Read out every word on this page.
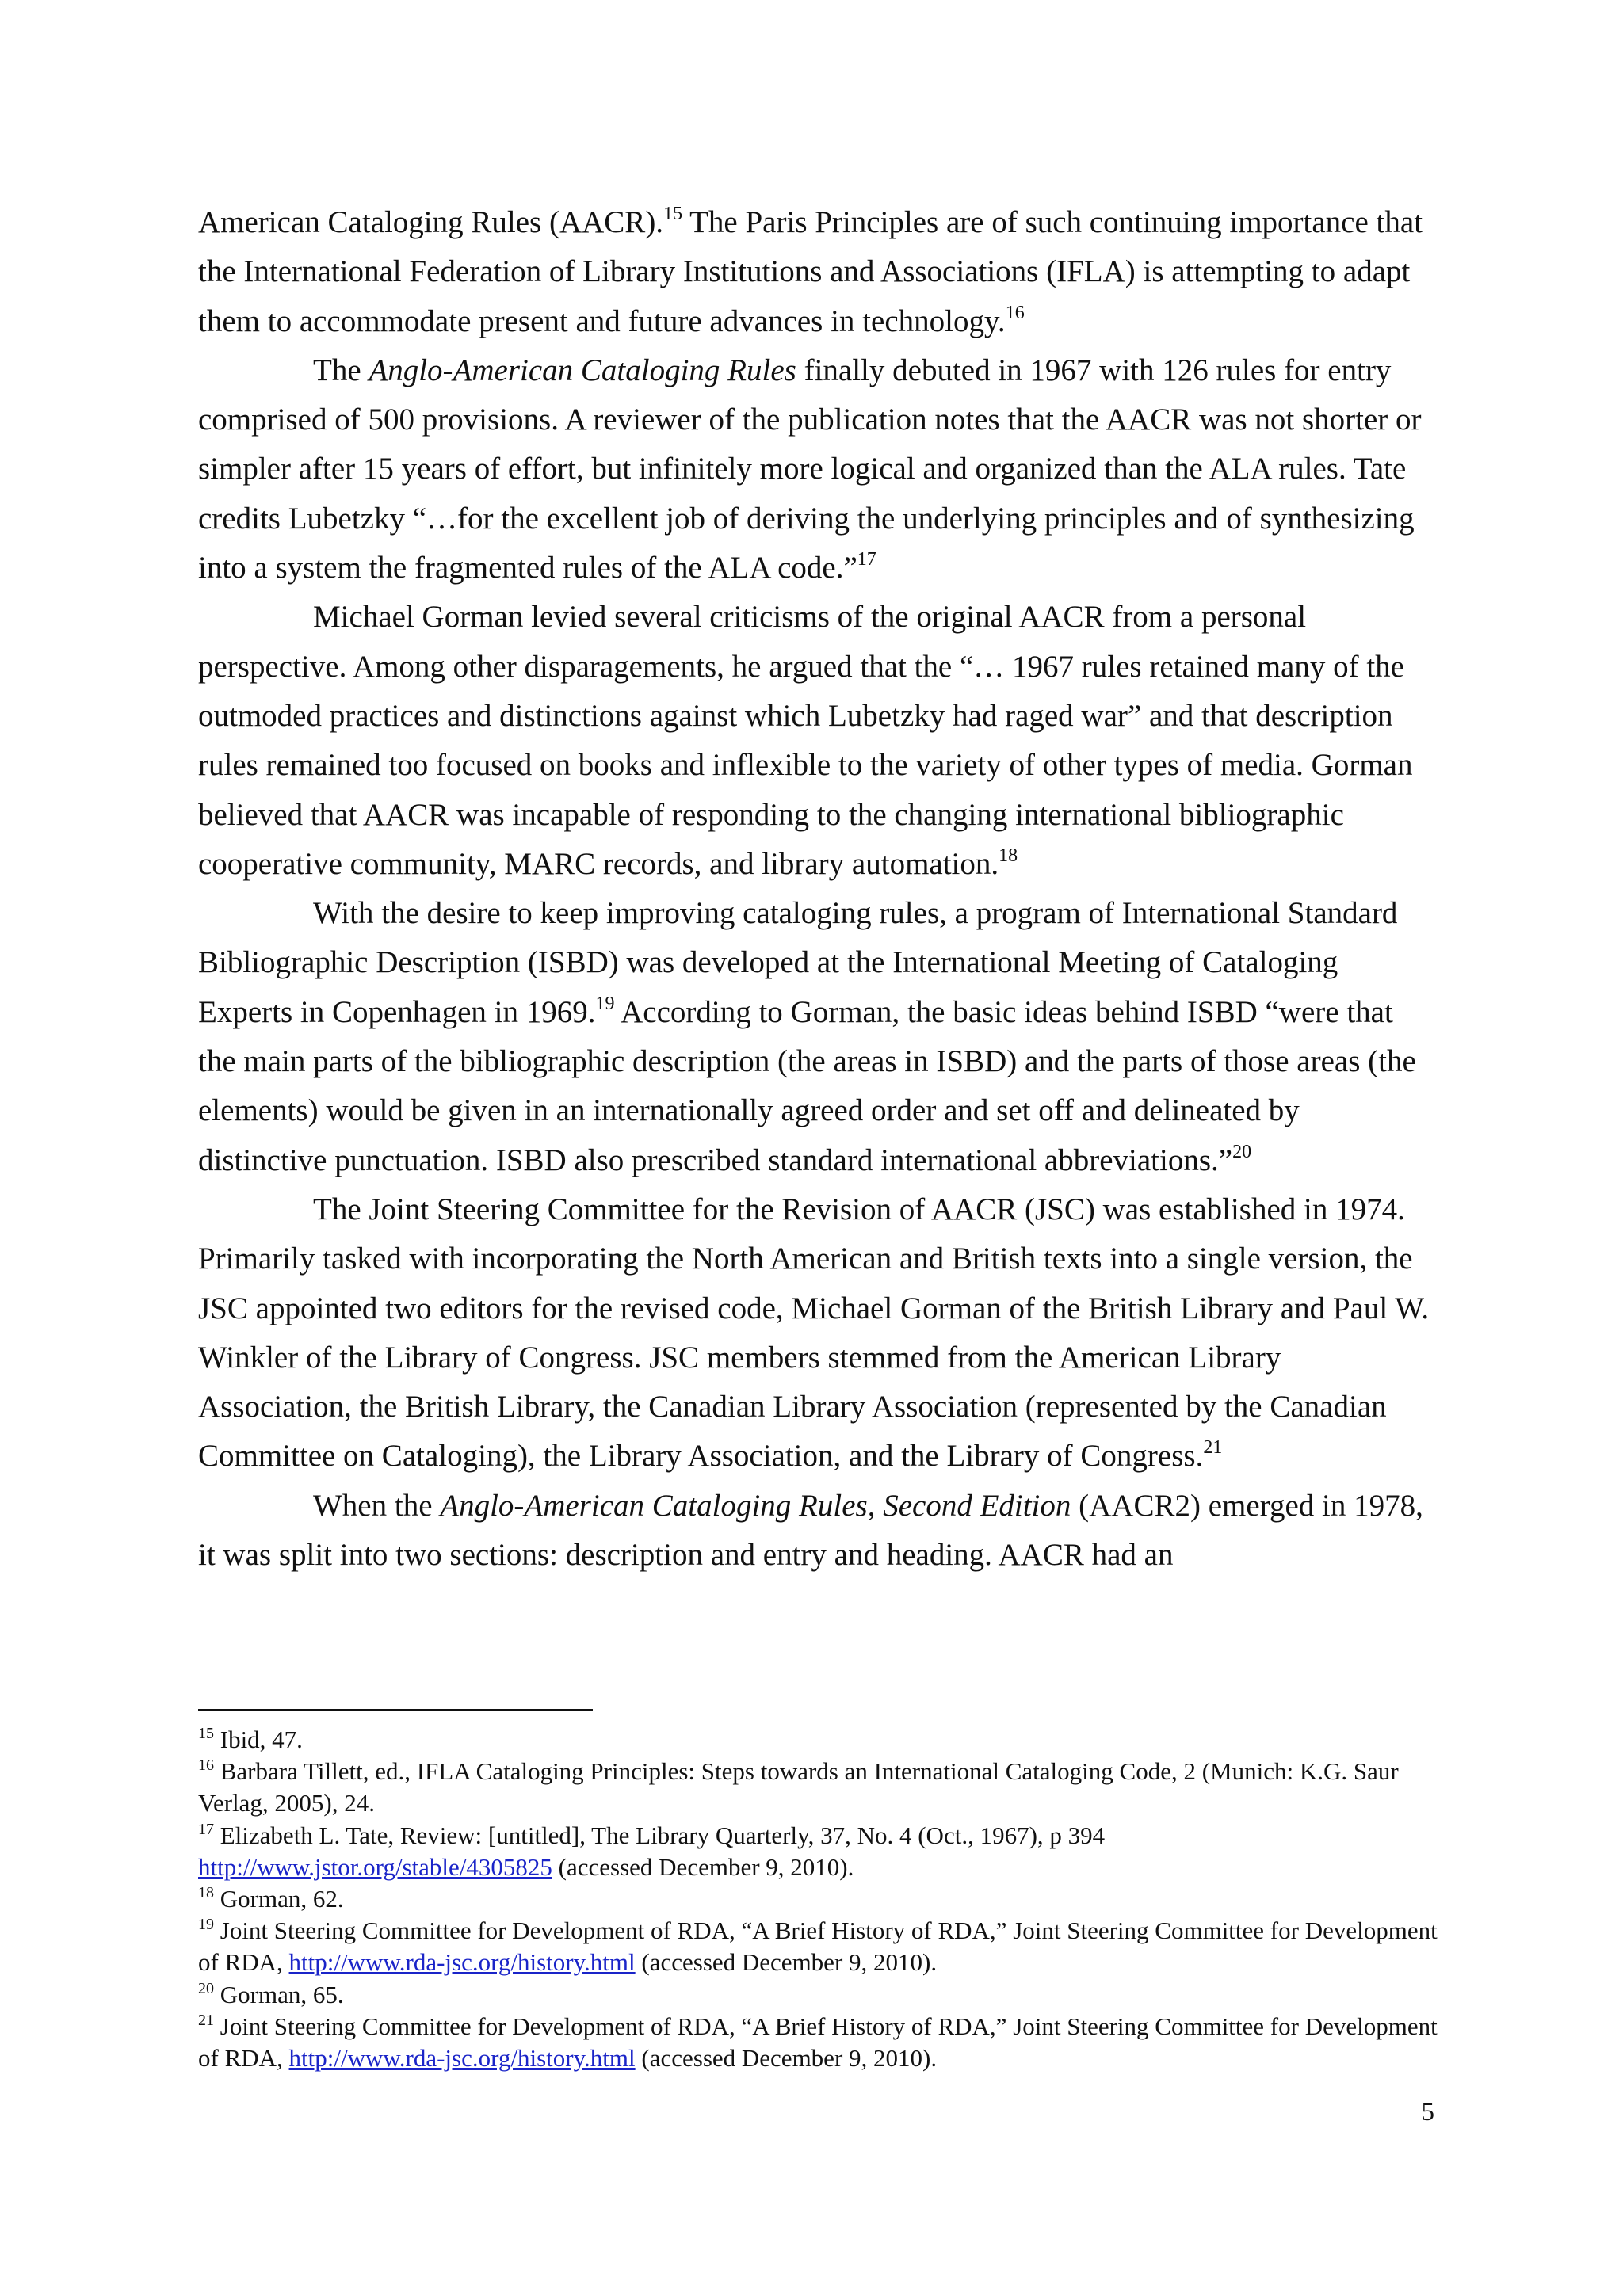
American Cataloging Rules (AACR).$^{15}$ The Paris Principles are of such continuing importance that the International Federation of Library Institutions and Associations (IFLA) is attempting to adapt them to accommodate present and future advances in technology.$^{16}$

The Anglo-American Cataloging Rules finally debuted in 1967 with 126 rules for entry comprised of 500 provisions. A reviewer of the publication notes that the AACR was not shorter or simpler after 15 years of effort, but infinitely more logical and organized than the ALA rules. Tate credits Lubetzky “…for the excellent job of deriving the underlying principles and of synthesizing into a system the fragmented rules of the ALA code.”$^{17}$

Michael Gorman levied several criticisms of the original AACR from a personal perspective. Among other disparagements, he argued that the “… 1967 rules retained many of the outmoded practices and distinctions against which Lubetzky had raged war” and that description rules remained too focused on books and inflexible to the variety of other types of media. Gorman believed that AACR was incapable of responding to the changing international bibliographic cooperative community, MARC records, and library automation.$^{18}$

With the desire to keep improving cataloging rules, a program of International Standard Bibliographic Description (ISBD) was developed at the International Meeting of Cataloging Experts in Copenhagen in 1969.19 According to Gorman, the basic ideas behind ISBD “were that the main parts of the bibliographic description (the areas in ISBD) and the parts of those areas (the elements) would be given in an internationally agreed order and set off and delineated by distinctive punctuation. ISBD also prescribed standard international abbreviations.”$^{20}$

The Joint Steering Committee for the Revision of AACR (JSC) was established in 1974. Primarily tasked with incorporating the North American and British texts into a single version, the JSC appointed two editors for the revised code, Michael Gorman of the British Library and Paul W. Winkler of the Library of Congress. JSC members stemmed from the American Library Association, the British Library, the Canadian Library Association (represented by the Canadian Committee on Cataloging), the Library Association, and the Library of Congress.$^{21}$

When the Anglo-American Cataloging Rules, Second Edition (AACR2) emerged in 1978, it was split into two sections: description and entry and heading. AACR had an

$^{15}$ Ibid, 47.
$^{16}$ Barbara Tillett, ed., IFLA Cataloging Principles: Steps towards an International Cataloging Code, 2 (Munich: K.G. Saur Verlag, 2005), 24.
$^{17}$ Elizabeth L. Tate, Review: [untitled], The Library Quarterly, 37, No. 4 (Oct., 1967), p 394 http://www.jstor.org/stable/4305825 (accessed December 9, 2010).
$^{18}$ Gorman, 62.
$^{19}$ Joint Steering Committee for Development of RDA, “A Brief History of RDA,” Joint Steering Committee for Development of RDA, http://www.rda-jsc.org/history.html (accessed December 9, 2010).
$^{20}$ Gorman, 65.
$^{21}$ Joint Steering Committee for Development of RDA, “A Brief History of RDA,” Joint Steering Committee for Development of RDA, http://www.rda-jsc.org/history.html (accessed December 9, 2010).
5
